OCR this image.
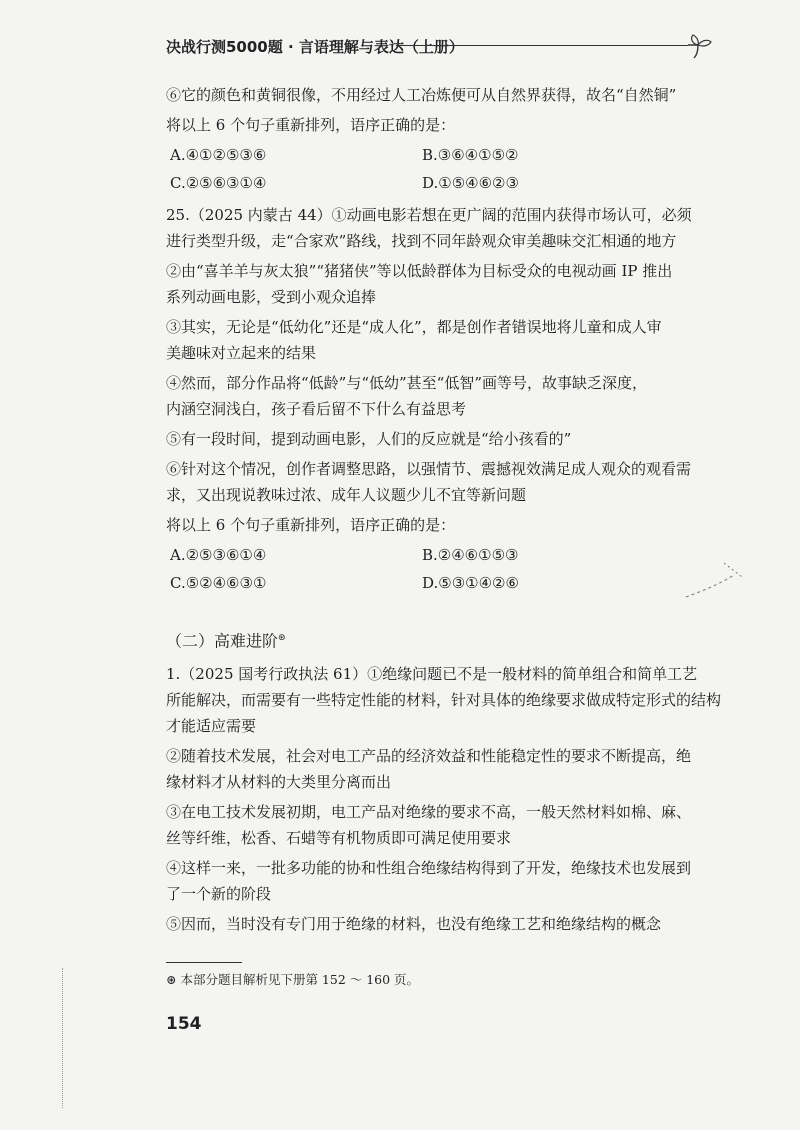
决战行测5000题 · 言语理解与表达（上册）
⑥它的颜色和黄铜很像，不用经过人工冶炼便可从自然界获得，故名“自然铜”
将以上 6 个句子重新排列，语序正确的是：
A.④①②⑤③⑥	B.③⑥④①⑤②
C.②⑤⑥③①④	D.①⑤④⑥②③
25.（2025 内蒙古 44）①动画电影若想在更广阔的范围内获得市场认可，必须
进行类型升级，走“合家欢”路线，找到不同年龄观众审美趣味交汇相通的地方
②由“喜羊羊与灰太狼”“猪猪侠”等以低龄群体为目标受众的电视动画 IP 推出
系列动画电影，受到小观众追捧
③其实，无论是“低幼化”还是“成人化”，都是创作者错误地将儿童和成人审
美趣味对立起来的结果
④然而，部分作品将“低龄”与“低幼”甚至“低智”画等号，故事缺乏深度，
内涵空洞浅白，孩子看后留不下什么有益思考
⑤有一段时间，提到动画电影，人们的反应就是“给小孩看的”
⑥针对这个情况，创作者调整思路，以强情节、震撼视效满足成人观众的观看需
求，又出现说教味过浓、成年人议题少儿不宜等新问题
将以上 6 个句子重新排列，语序正确的是：
A.②⑤③⑥①④	B.②④⑥①⑤③
C.⑤②④⑥③①	D.⑤③①④②⑥
（二）高难进阶⊛
1.（2025 国考行政执法 61）①绝缘问题已不是一般材料的简单组合和简单工艺
所能解决，而需要有一些特定性能的材料，针对具体的绝缘要求做成特定形式的结构
才能适应需要
②随着技术发展，社会对电工产品的经济效益和性能稳定性的要求不断提高，绝
缘材料才从材料的大类里分离而出
③在电工技术发展初期，电工产品对绝缘的要求不高，一般天然材料如棉、麻、
丝等纤维，松香、石蜡等有机物质即可满足使用要求
④这样一来，一批多功能的协和性组合绝缘结构得到了开发，绝缘技术也发展到
了一个新的阶段
⑤因而，当时没有专门用于绝缘的材料，也没有绝缘工艺和绝缘结构的概念
⊛ 本部分题目解析见下册第 152 ～ 160 页。
154
